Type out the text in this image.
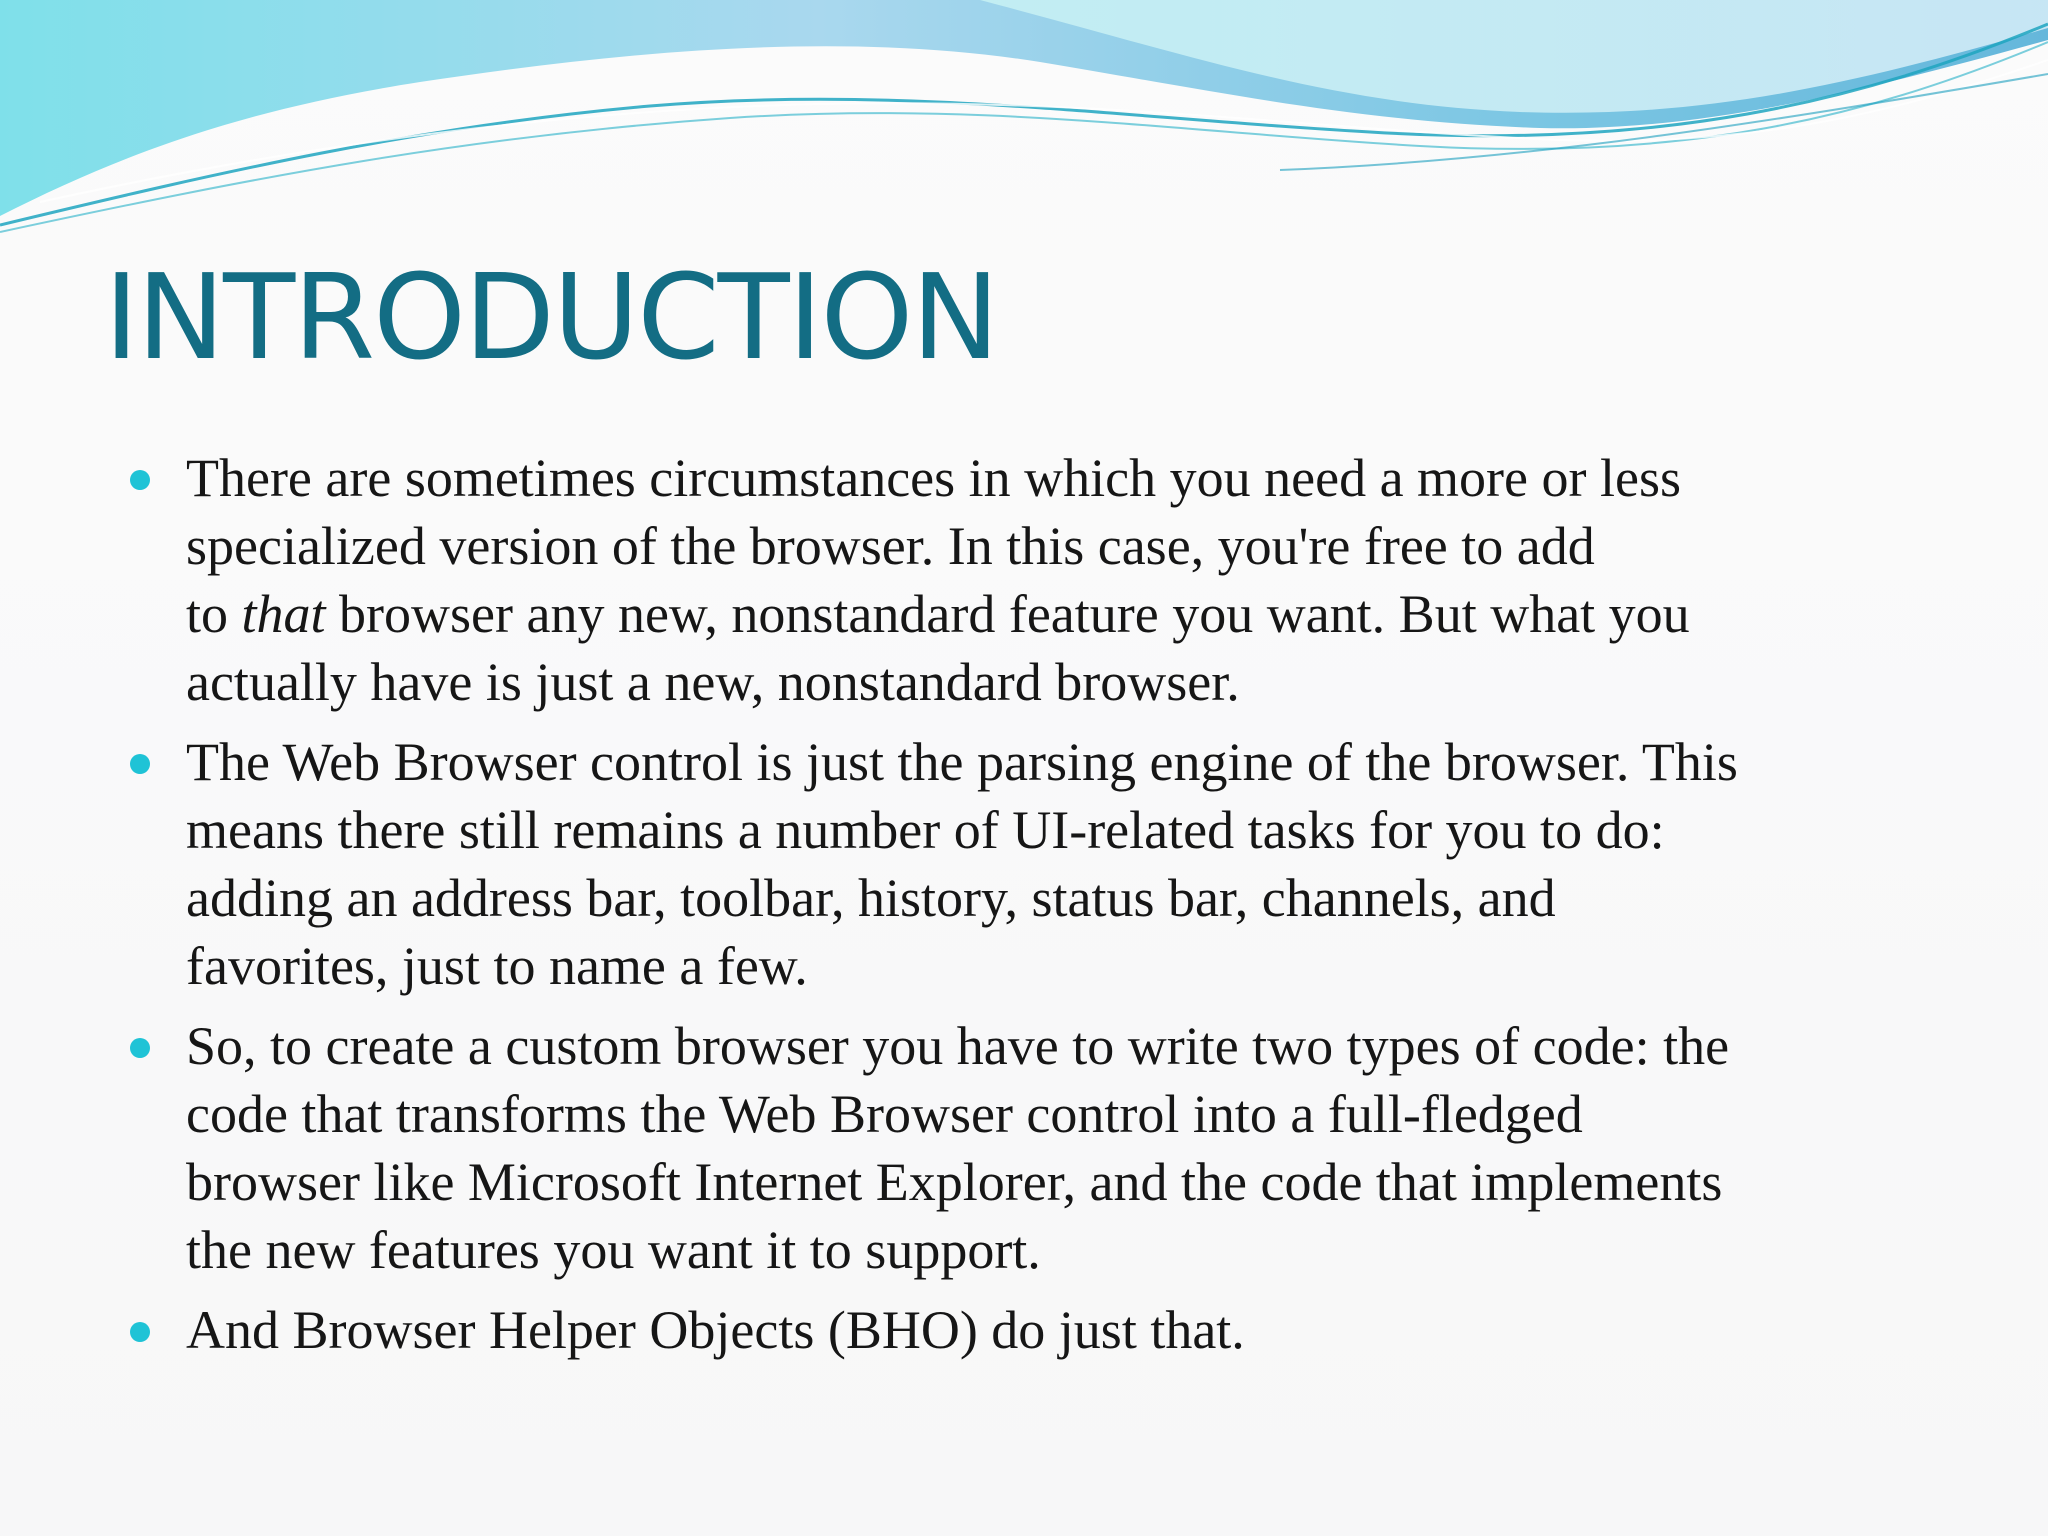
INTRODUCTION
There are sometimes circumstances in which you need a more or less
specialized version of the browser. In this case, you're free to add
to that browser any new, nonstandard feature you want. But what you
actually have is just a new, nonstandard browser.
The Web Browser control is just the parsing engine of the browser. This
means there still remains a number of UI-related tasks for you to do:
adding an address bar, toolbar, history, status bar, channels, and
favorites, just to name a few.
So, to create a custom browser you have to write two types of code: the
code that transforms the Web Browser control into a full-fledged
browser like Microsoft Internet Explorer, and the code that implements
the new features you want it to support.
And Browser Helper Objects (BHO) do just that.
